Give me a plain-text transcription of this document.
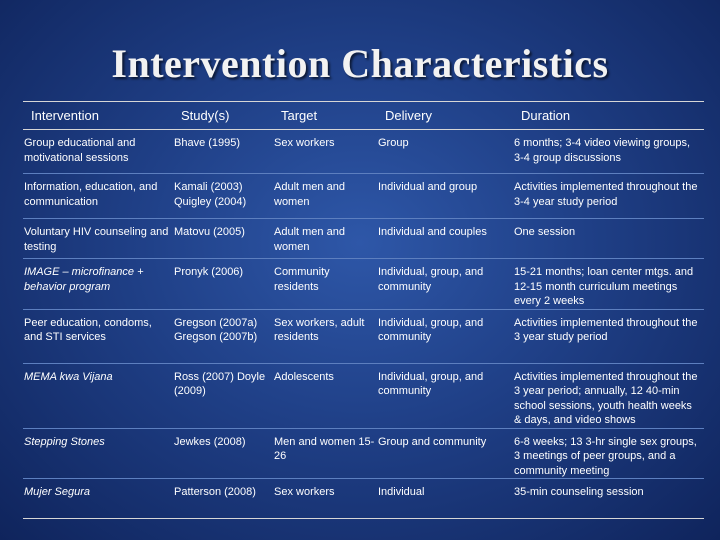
Intervention Characteristics
Intervention	Study(s)	Target	Delivery	Duration
Group educational and motivational sessions	Bhave (1995)	Sex workers	Group	6 months; 3-4 video viewing groups, 3-4 group discussions
Information, education, and communication	Kamali (2003) Quigley (2004)	Adult men and women	Individual and group	Activities implemented throughout the 3-4 year study period
Voluntary HIV counseling and testing	Matovu (2005)	Adult men and women	Individual and couples	One session
IMAGE – microfinance + behavior program	Pronyk (2006)	Community residents	Individual, group, and community	15-21 months; loan center mtgs. and 12-15 month curriculum meetings every 2 weeks
Peer education, condoms, and STI services	Gregson (2007a) Gregson (2007b)	Sex workers, adult residents	Individual, group, and community	Activities implemented throughout the 3 year study period
MEMA kwa Vijana	Ross (2007) Doyle (2009)	Adolescents	Individual, group, and community	Activities implemented throughout the 3 year period; annually, 12 40-min school sessions, youth health weeks & days, and video shows
Stepping Stones	Jewkes (2008)	Men and women 15-26	Group and community	6-8 weeks; 13 3-hr single sex groups, 3 meetings of peer groups, and a community meeting
Mujer Segura	Patterson (2008)	Sex workers	Individual	35-min counseling session
